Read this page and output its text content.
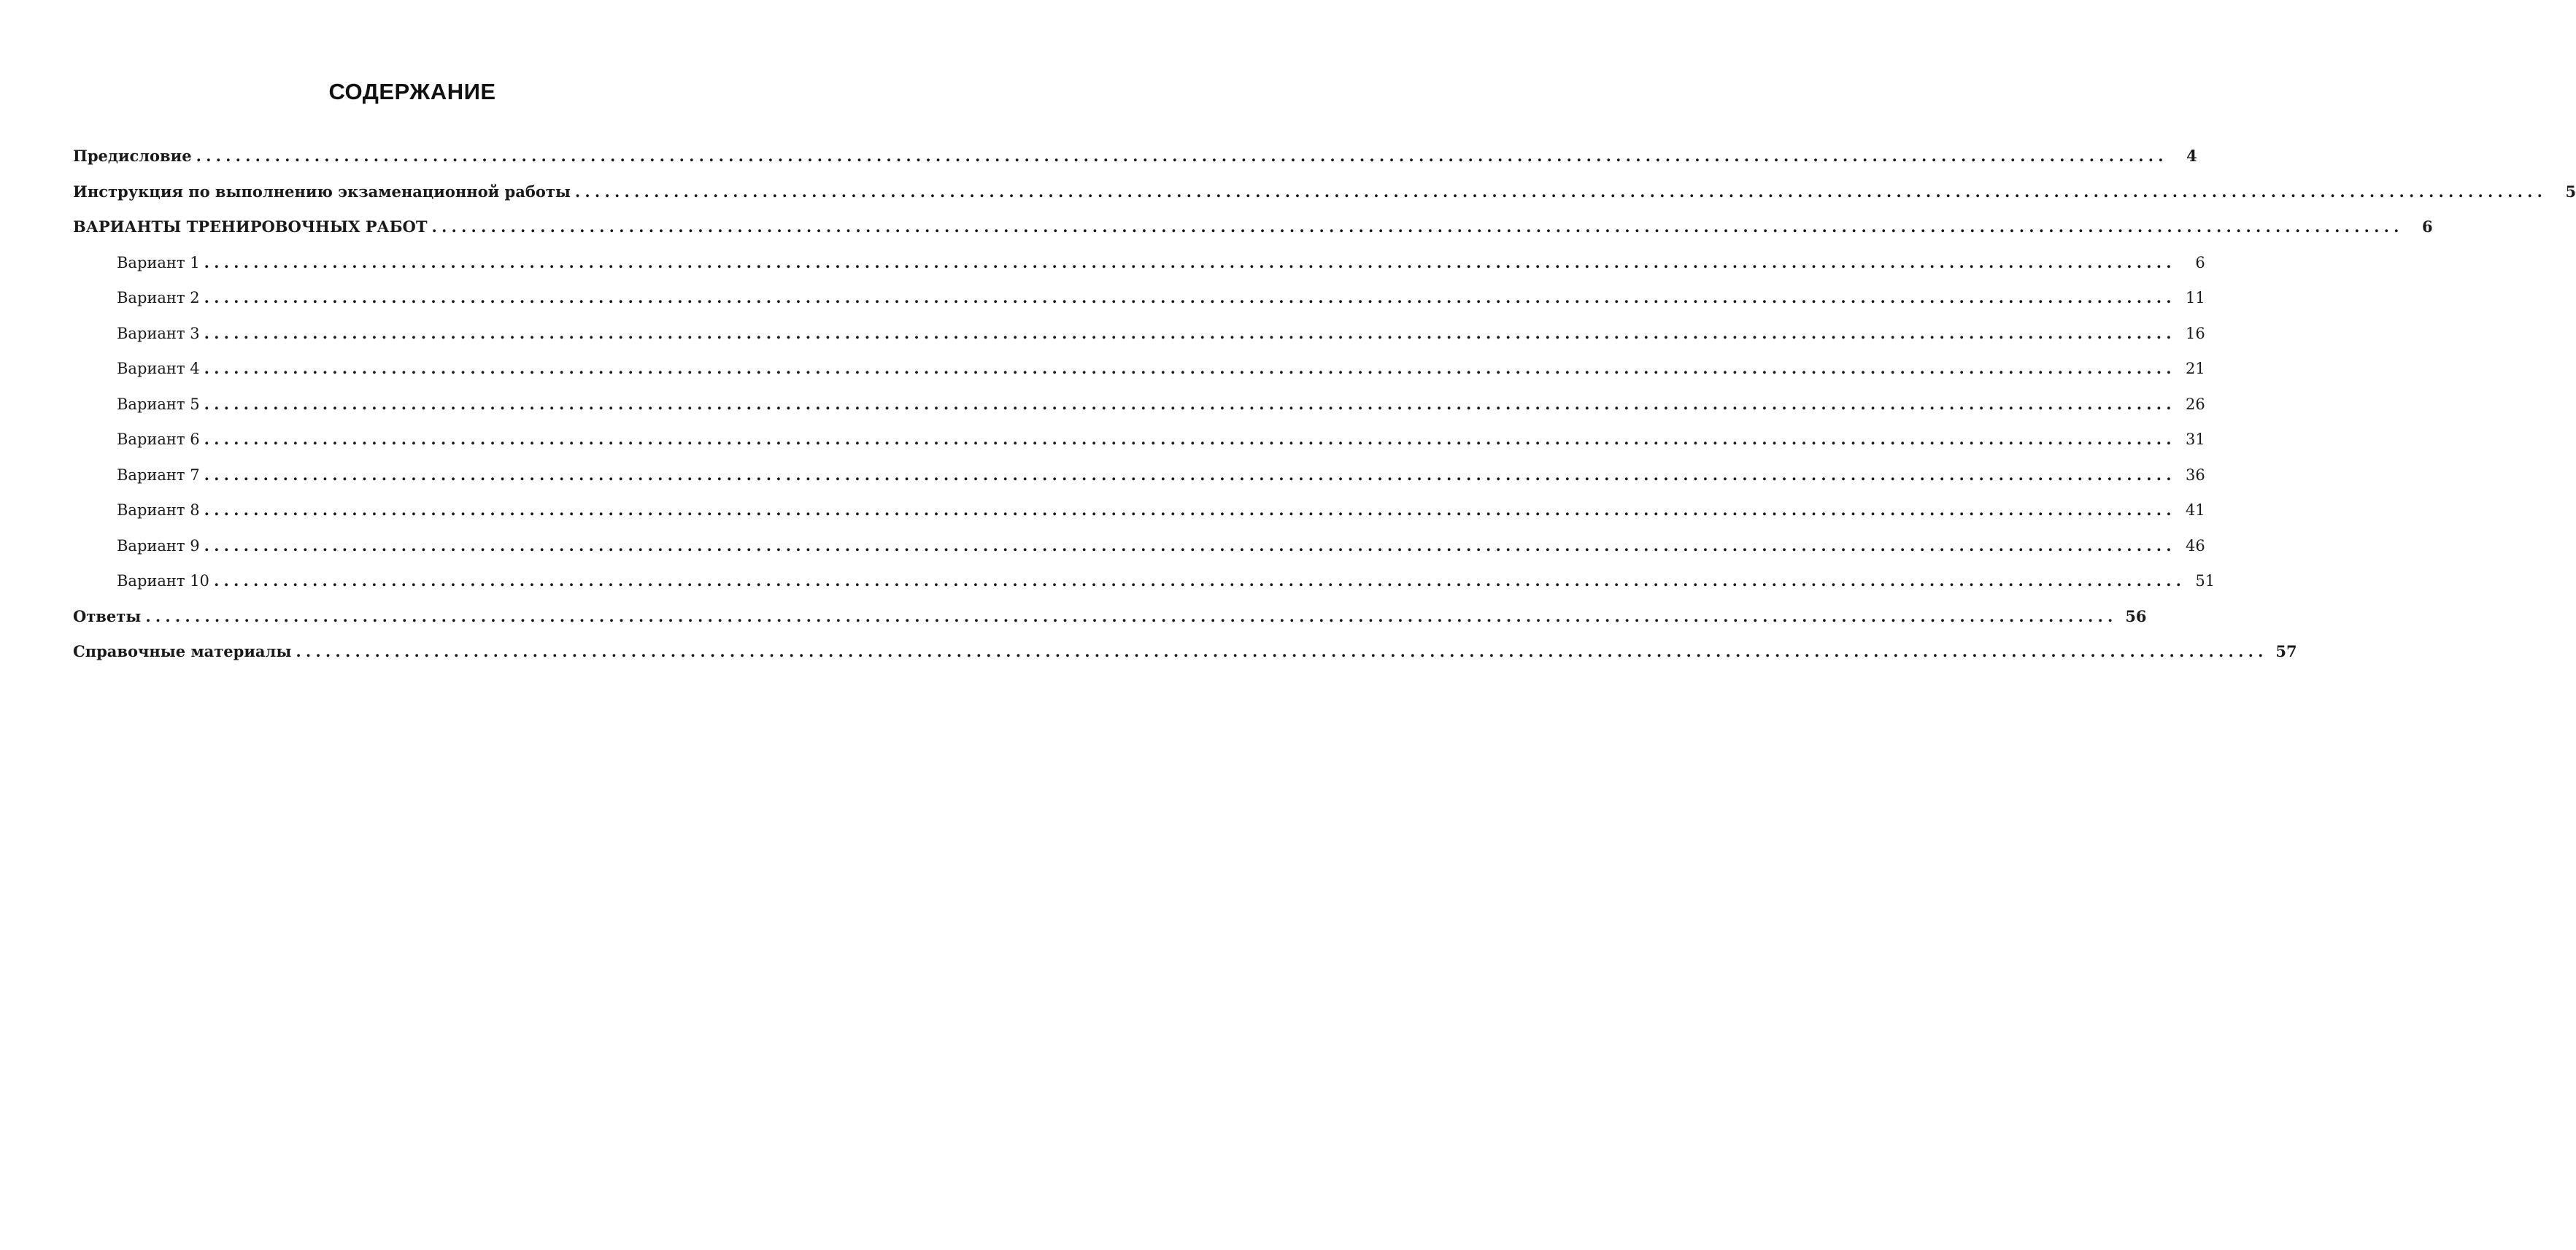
СОДЕРЖАНИЕ
Предисловие ........................................................................................................................................................................................................	4
Инструкция по выполнению экзаменационной работы ........................................................................................................................................................................................................	5
ВАРИАНТЫ ТРЕНИРОВОЧНЫХ РАБОТ ........................................................................................................................................................................................................	6
Вариант 1 ........................................................................................................................................................................................................	6
Вариант 2 ........................................................................................................................................................................................................ 11
Вариант 3 ........................................................................................................................................................................................................ 16
Вариант 4 ........................................................................................................................................................................................................ 21
Вариант 5 ........................................................................................................................................................................................................ 26
Вариант 6 ........................................................................................................................................................................................................ 31
Вариант 7 ........................................................................................................................................................................................................ 36
Вариант 8 ........................................................................................................................................................................................................ 41
Вариант 9 ........................................................................................................................................................................................................ 46
Вариант 10 ........................................................................................................................................................................................................ 51
Ответы ........................................................................................................................................................................................................ 56
Справочные материалы ........................................................................................................................................................................................................ 57
